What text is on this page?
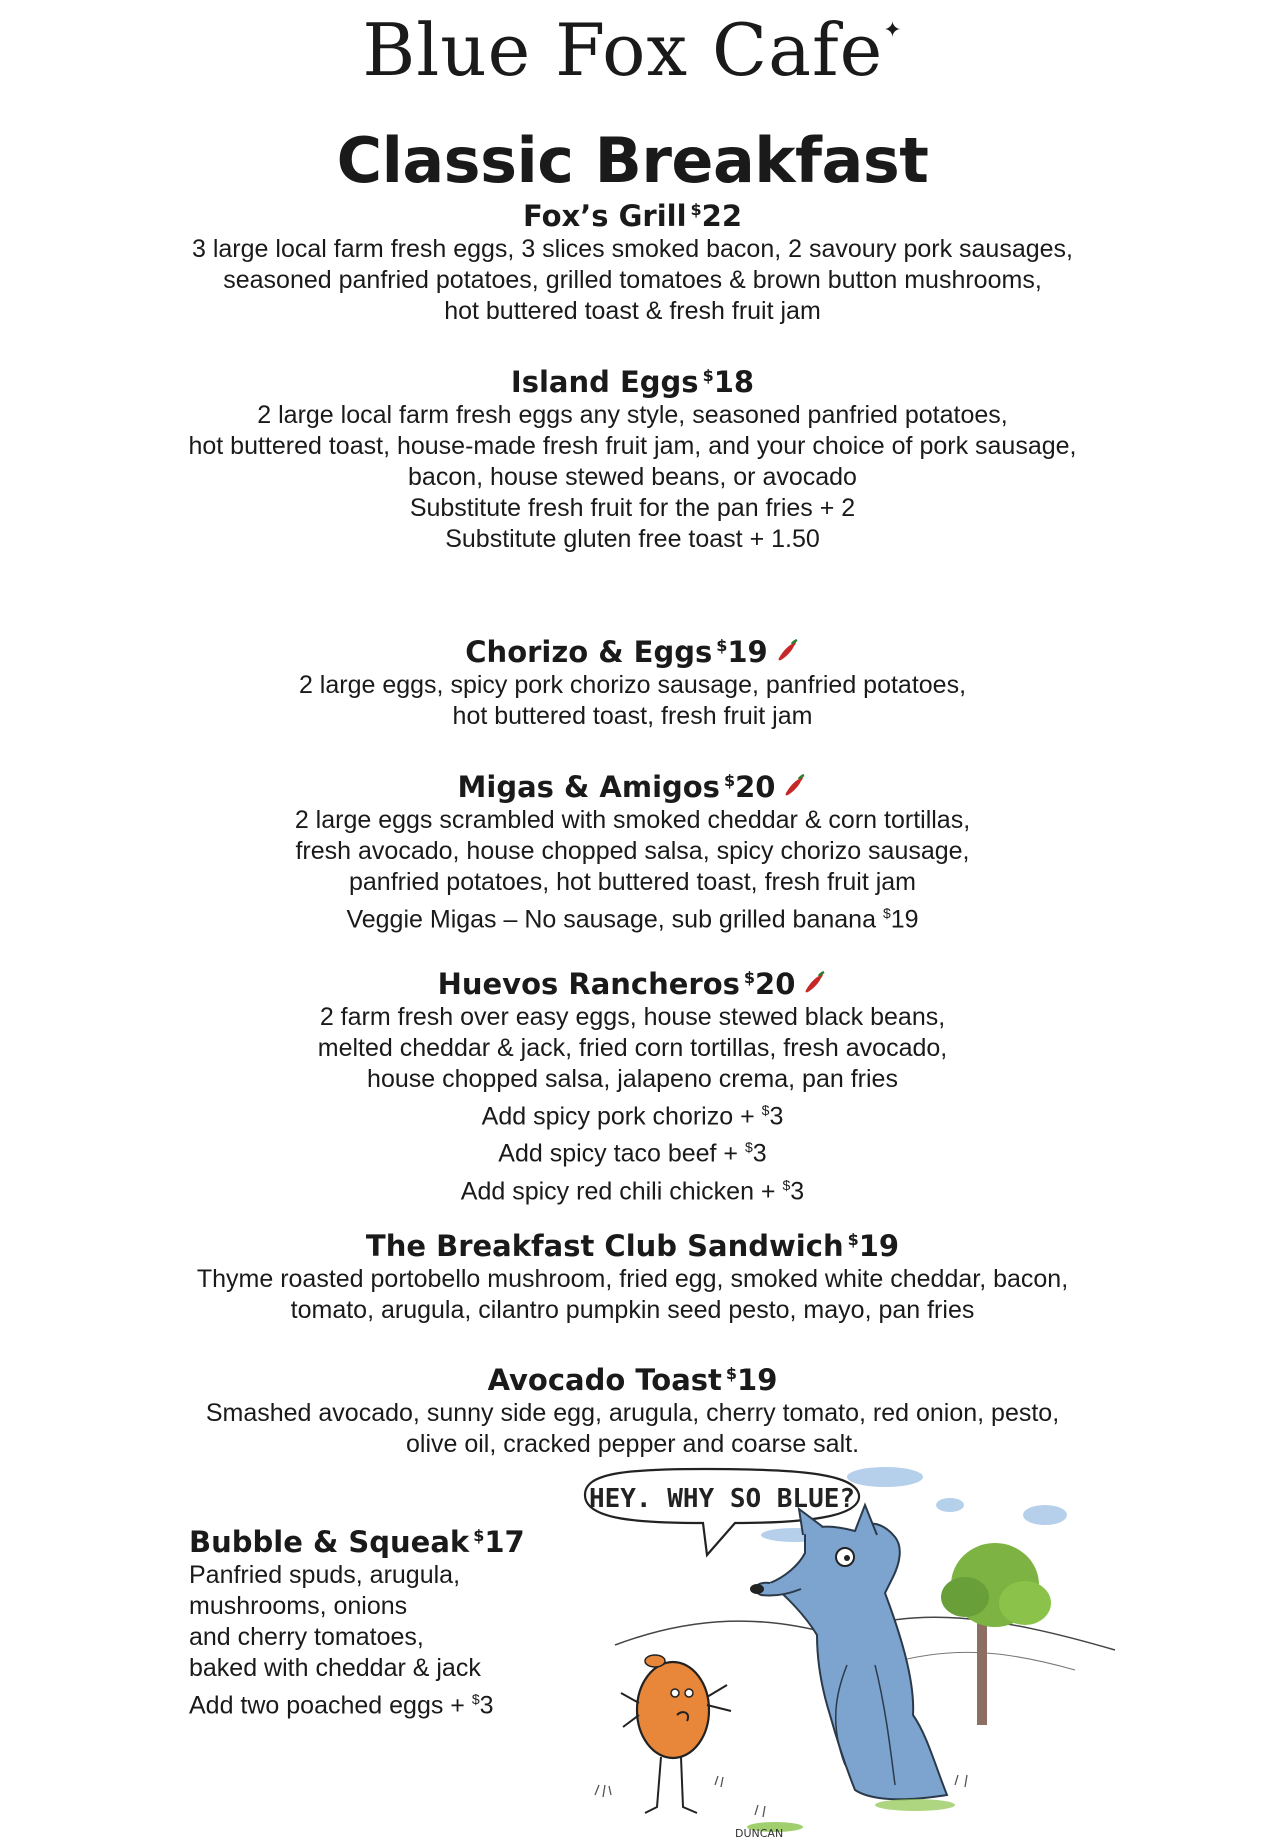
Blue Fox Cafe✦
Classic Breakfast
Fox’s Grill $22
3 large local farm fresh eggs, 3 slices smoked bacon, 2 savoury pork sausages,
seasoned panfried potatoes, grilled tomatoes & brown button mushrooms,
hot buttered toast & fresh fruit jam
Island Eggs $18
2 large local farm fresh eggs any style, seasoned panfried potatoes,
hot buttered toast, house-made fresh fruit jam, and your choice of pork sausage,
bacon, house stewed beans, or avocado
Substitute fresh fruit for the pan fries + 2
Substitute gluten free toast + 1.50
Chorizo & Eggs $19
2 large eggs, spicy pork chorizo sausage, panfried potatoes,
hot buttered toast, fresh fruit jam
Migas & Amigos $20
2 large eggs scrambled with smoked cheddar & corn tortillas,
fresh avocado, house chopped salsa, spicy chorizo sausage,
panfried potatoes, hot buttered toast, fresh fruit jam
Veggie Migas – No sausage, sub grilled banana $19
Huevos Rancheros $20
2 farm fresh over easy eggs, house stewed black beans,
melted cheddar & jack, fried corn tortillas, fresh avocado,
house chopped salsa, jalapeno crema, pan fries
Add spicy pork chorizo + $3
Add spicy taco beef + $3
Add spicy red chili chicken + $3
The Breakfast Club Sandwich $19
Thyme roasted portobello mushroom, fried egg, smoked white cheddar, bacon,
tomato, arugula, cilantro pumpkin seed pesto, mayo, pan fries
Avocado Toast $19
Smashed avocado, sunny side egg, arugula, cherry tomato, red onion, pesto,
olive oil, cracked pepper and coarse salt.
Bubble & Squeak $17
Panfried spuds, arugula,
mushrooms, onions
and cherry tomatoes,
baked with cheddar & jack
Add two poached eggs + $3
HEY. WHY SO BLUE?
DUNCAN
